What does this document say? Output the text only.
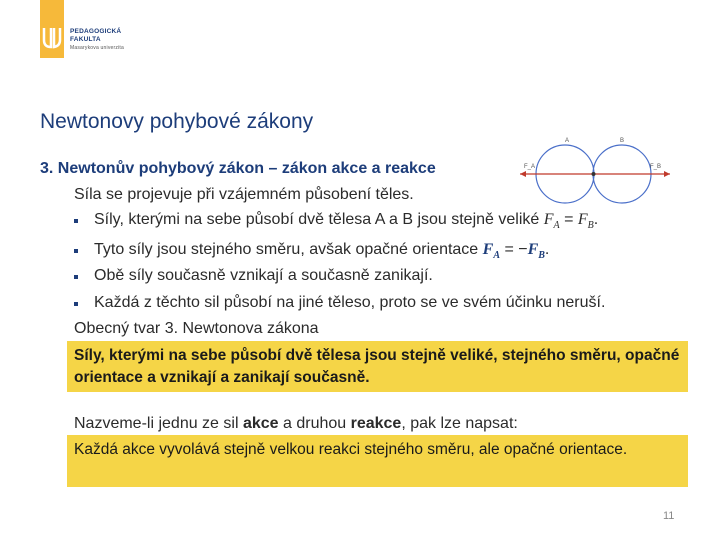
PEDAGOGICKÁ
FAKULTA
Masarykova univerzita
Newtonovy pohybové zákony
3. Newtonův pohybový zákon – zákon akce a reakce
A	B
F_A	F_B
Síla se projevuje při vzájemném působení těles.
Síly, kterými na sebe působí dvě tělesa A a B jsou stejně veliké $F_A = F_B$.
Tyto síly jsou stejného směru, avšak opačné orientace $F_A = -F_B$.
Obě síly současně vznikají a současně zanikají.
Každá z těchto sil působí na jiné těleso, proto se ve svém účinku neruší.
Obecný tvar 3. Newtonova zákona
Síly, kterými na sebe působí dvě tělesa jsou stejně veliké, stejného směru, opačné orientace a vznikají a zanikají současně.
Nazveme-li jednu ze sil akce a druhou reakce, pak lze napsat:
Každá akce vyvolává stejně velkou reakci stejného směru, ale opačné orientace.
11
